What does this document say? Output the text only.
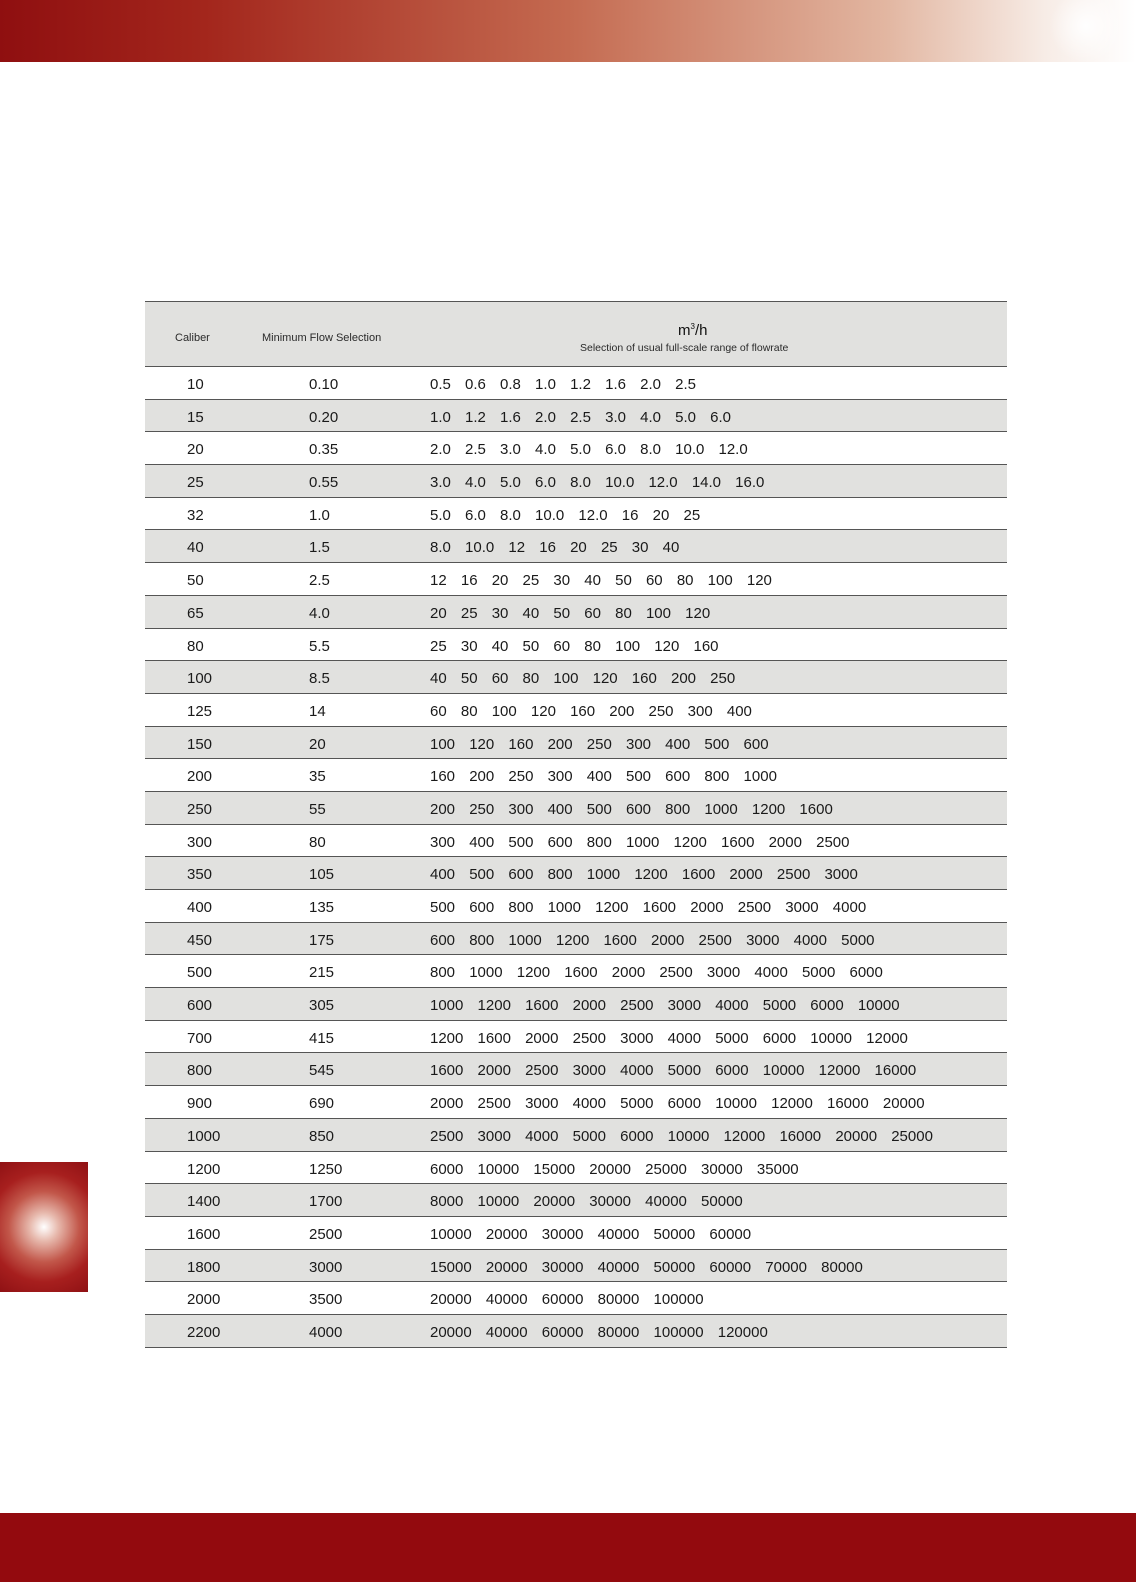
Caliber	Minimum Flow Selection	$m^3/h$
Selection of usual full-scale range of flowrate
10	0.10	0.5 0.6 0.8 1.0 1.2 1.6 2.0 2.5
15	0.20	1.0 1.2 1.6 2.0 2.5 3.0 4.0 5.0 6.0
20	0.35	2.0 2.5 3.0 4.0 5.0 6.0 8.0 10.0 12.0
25	0.55	3.0 4.0 5.0 6.0 8.0 10.0 12.0 14.0 16.0
32	1.0	5.0 6.0 8.0 10.0 12.0 16 20 25
40	1.5	8.0 10.0 12 16 20 25 30 40
50	2.5	12 16 20 25 30 40 50 60 80 100 120
65	4.0	20 25 30 40 50 60 80 100 120
80	5.5	25 30 40 50 60 80 100 120 160
100	8.5	40 50 60 80 100 120 160 200 250
125	14	60 80 100 120 160 200 250 300 400
150	20	100 120 160 200 250 300 400 500 600
200	35	160 200 250 300 400 500 600 800 1000
250	55	200 250 300 400 500 600 800 1000 1200 1600
300	80	300 400 500 600 800 1000 1200 1600 2000 2500
350	105	400 500 600 800 1000 1200 1600 2000 2500 3000
400	135	500 600 800 1000 1200 1600 2000 2500 3000 4000
450	175	600 800 1000 1200 1600 2000 2500 3000 4000 5000
500	215	800 1000 1200 1600 2000 2500 3000 4000 5000 6000
600	305	1000 1200 1600 2000 2500 3000 4000 5000 6000 10000
700	415	1200 1600 2000 2500 3000 4000 5000 6000 10000 12000
800	545	1600 2000 2500 3000 4000 5000 6000 10000 12000 16000
900	690	2000 2500 3000 4000 5000 6000 10000 12000 16000 20000
1000	850	2500 3000 4000 5000 6000 10000 12000 16000 20000 25000
1200	1250	6000 10000 15000 20000 25000 30000 35000
1400	1700	8000 10000 20000 30000 40000 50000
1600	2500	10000 20000 30000 40000 50000 60000
1800	3000	15000 20000 30000 40000 50000 60000 70000 80000
2000	3500	20000 40000 60000 80000 100000
2200	4000	20000 40000 60000 80000 100000 120000
